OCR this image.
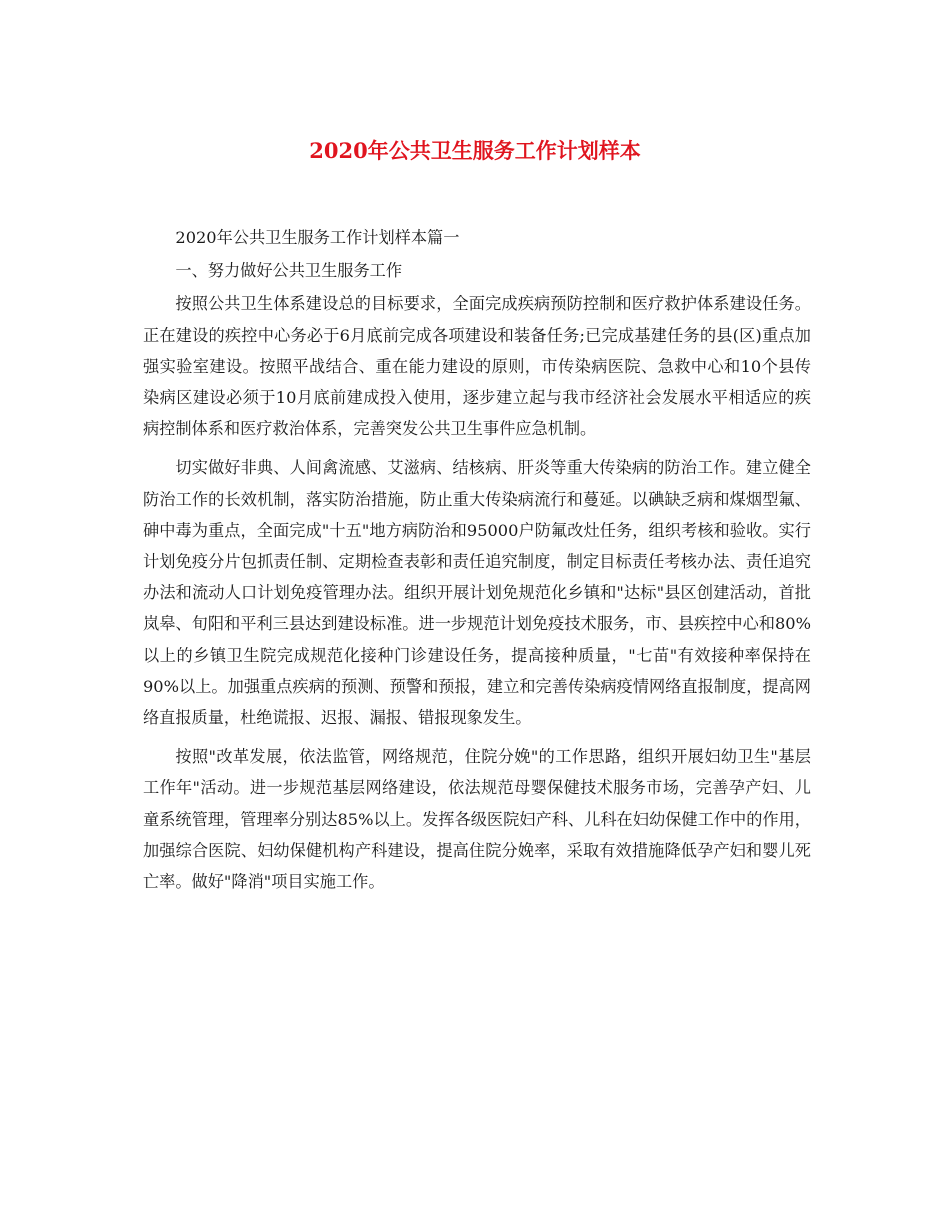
2020年公共卫生服务工作计划样本

2020年公共卫生服务工作计划样本篇一

一、努力做好公共卫生服务工作

按照公共卫生体系建设总的目标要求，全面完成疾病预防控制和医疗救护体系建设任务。正在建设的疾控中心务必于6月底前完成各项建设和装备任务;已完成基建任务的县(区)重点加强实验室建设。按照平战结合、重在能力建设的原则，市传染病医院、急救中心和10个县传染病区建设必须于10月底前建成投入使用，逐步建立起与我市经济社会发展水平相适应的疾病控制体系和医疗救治体系，完善突发公共卫生事件应急机制。

切实做好非典、人间禽流感、艾滋病、结核病、肝炎等重大传染病的防治工作。建立健全防治工作的长效机制，落实防治措施，防止重大传染病流行和蔓延。以碘缺乏病和煤烟型氟、砷中毒为重点，全面完成"十五"地方病防治和95000户防氟改灶任务，组织考核和验收。实行计划免疫分片包抓责任制、定期检查表彰和责任追究制度，制定目标责任考核办法、责任追究办法和流动人口计划免疫管理办法。组织开展计划免规范化乡镇和"达标"县区创建活动，首批岚皋、旬阳和平利三县达到建设标准。进一步规范计划免疫技术服务，市、县疾控中心和80%以上的乡镇卫生院完成规范化接种门诊建设任务，提高接种质量，"七苗"有效接种率保持在90%以上。加强重点疾病的预测、预警和预报，建立和完善传染病疫情网络直报制度，提高网络直报质量，杜绝谎报、迟报、漏报、错报现象发生。

按照"改革发展，依法监管，网络规范，住院分娩"的工作思路，组织开展妇幼卫生"基层工作年"活动。进一步规范基层网络建设，依法规范母婴保健技术服务市场，完善孕产妇、儿童系统管理，管理率分别达85%以上。发挥各级医院妇产科、儿科在妇幼保健工作中的作用，加强综合医院、妇幼保健机构产科建设，提高住院分娩率，采取有效措施降低孕产妇和婴儿死亡率。做好"降消"项目实施工作。
